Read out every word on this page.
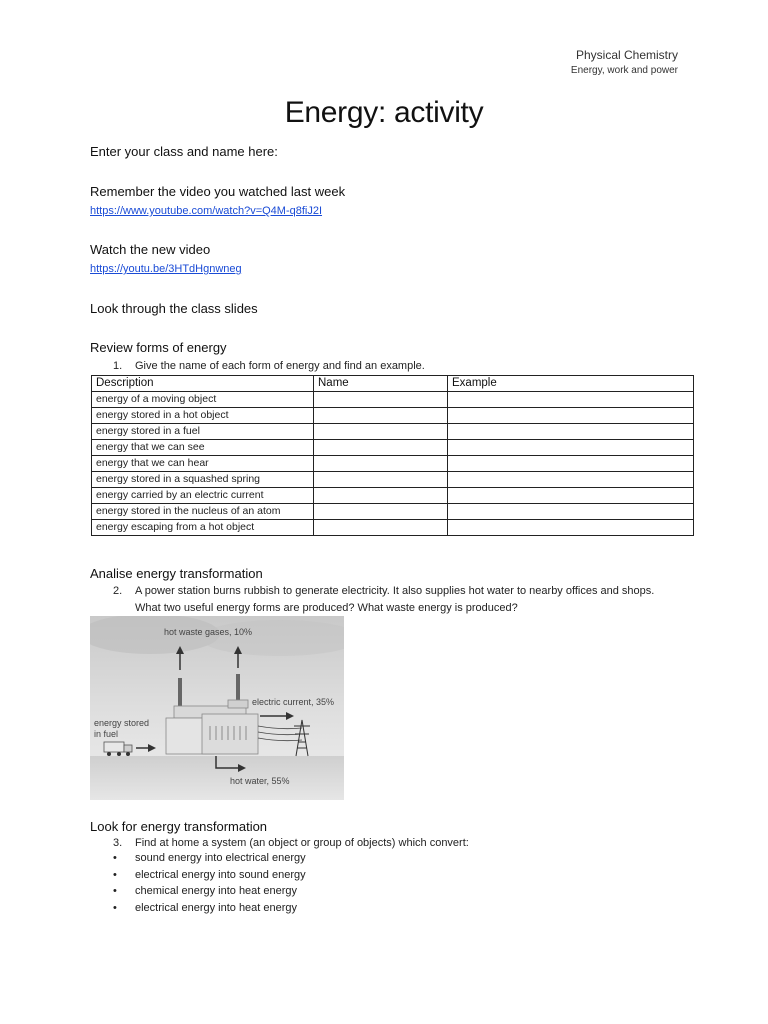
Physical Chemistry
Energy, work and power
Energy: activity
Enter your class and name here:
Remember the video you watched last week
https://www.youtube.com/watch?v=Q4M-q8fiJ2I
Watch the new video
https://youtu.be/3HTdHgnwneg
Look through the class slides
Review forms of energy
1. Give the name of each form of energy and find an example.
Description	Name	Example
energy of a moving object		
energy stored in a hot object		
energy stored in a fuel		
energy that we can see		
energy that we can hear		
energy stored in a squashed spring		
energy carried by an electric current		
energy stored in the nucleus of an atom		
energy escaping from a hot object		
Analise energy transformation
2. A power station burns rubbish to generate electricity. It also supplies hot water to nearby offices and shops.
What two useful energy forms are produced? What waste energy is produced?
hot waste gases, 10%
electric current, 35%
energy stored
in fuel
hot water, 55%
Look for energy transformation
3. Find at home a system (an object or group of objects) which convert:
• sound energy into electrical energy
• electrical energy into sound energy
• chemical energy into heat energy
• electrical energy into heat energy
